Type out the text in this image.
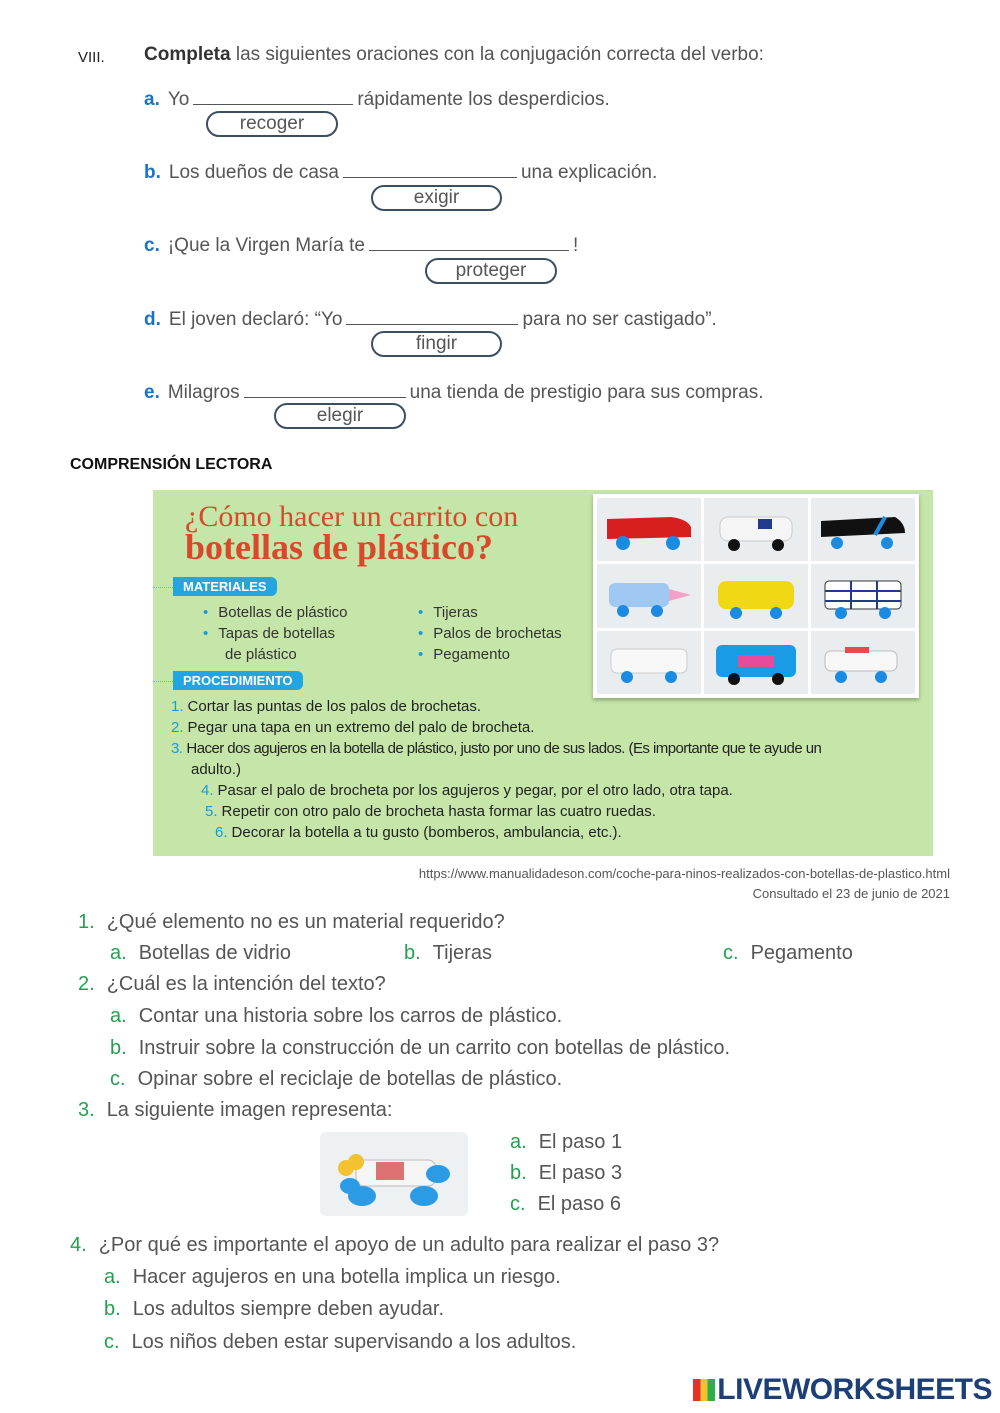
VIII. Completa las siguientes oraciones con la conjugación correcta del verbo:
a. Yo	rápidamente los desperdicios.
recoger
b. Los dueños de casa	una explicación.
exigir
c. ¡Que la Virgen María te	!
proteger
d. El joven declaró: “Yo	para no ser castigado”.
fingir
e. Milagros	una tienda de prestigio para sus compras.
elegir
COMPRENSIÓN LECTORA
¿Cómo hacer un carrito con
botellas de plástico?
MATERIALES
• Botellas de plástico
• Tapas de botellas
de plástico
• Tijeras
• Palos de brochetas
• Pegamento
PROCEDIMIENTO
1. Cortar las puntas de los palos de brochetas.
2. Pegar una tapa en un extremo del palo de brocheta.
3. Hacer dos agujeros en la botella de plástico, justo por uno de sus lados. (Es importante que te ayude un
adulto.)
4. Pasar el palo de brocheta por los agujeros y pegar, por el otro lado, otra tapa.
5. Repetir con otro palo de brocheta hasta formar las cuatro ruedas.
6. Decorar la botella a tu gusto (bomberos, ambulancia, etc.).
https://www.manualidadeson.com/coche-para-ninos-realizados-con-botellas-de-plastico.html
Consultado el 23 de junio de 2021
1. ¿Qué elemento no es un material requerido?
a. Botellas de vidrio	b. Tijeras	c. Pegamento
2. ¿Cuál es la intención del texto?
a. Contar una historia sobre los carros de plástico.
b. Instruir sobre la construcción de un carrito con botellas de plástico.
c. Opinar sobre el reciclaje de botellas de plástico.
3. La siguiente imagen representa:
a. El paso 1
b. El paso 3
c. El paso 6
4. ¿Por qué es importante el apoyo de un adulto para realizar el paso 3?
a. Hacer agujeros en una botella implica un riesgo.
b. Los adultos siempre deben ayudar.
c. Los niños deben estar supervisando a los adultos.
LIVEWORKSHEETS
